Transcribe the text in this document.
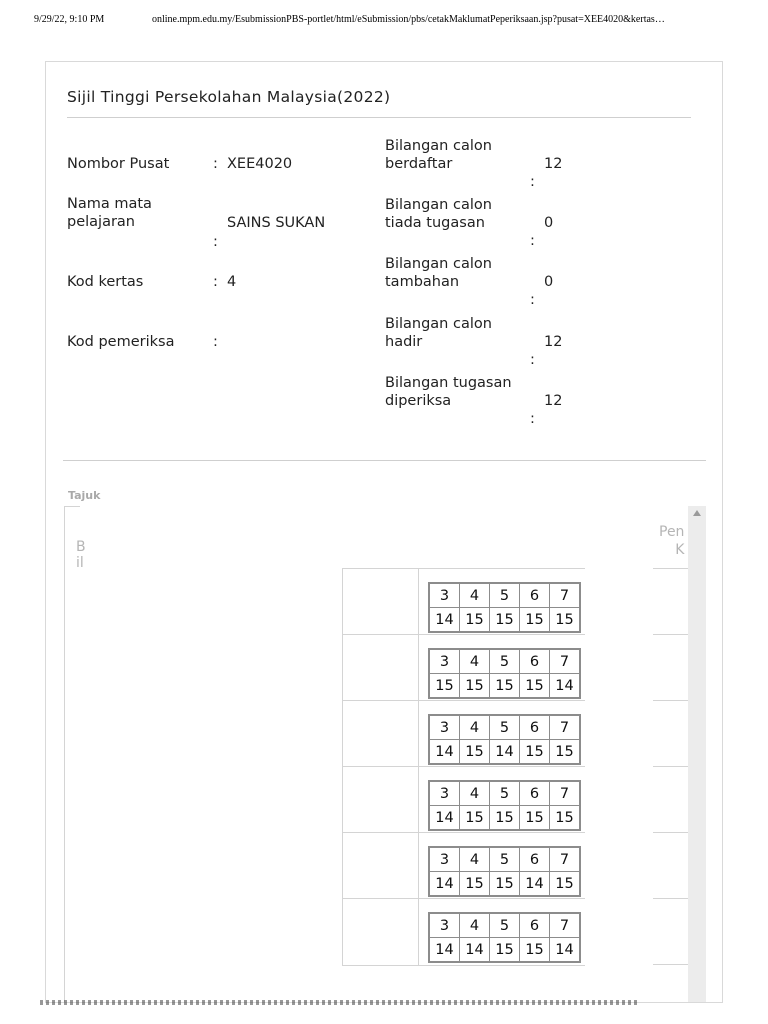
9/29/22, 9:10 PM	online.mpm.edu.my/EsubmissionPBS-portlet/html/eSubmission/pbs/cetakMaklumatPeperiksaan.jsp?pusat=XEE4020&kertas…
Sijil Tinggi Persekolahan Malaysia(2022)
Nombor Pusat	: XEE4020
Nama mata
pelajaran
:
SAINS SUKAN
Kod kertas	: 4
Kod pemeriksa	:
Bilangan calon
berdaftar	12
:
Bilangan calon
tiada tugasan	0
:
Bilangan calon
tambahan	0
:
Bilangan calon
hadir	12
:
Bilangan tugasan
diperiksa	12
:
Tajuk
B
il
Pen
K
3	4	5	6	7
14	15	15	15	15
3	4	5	6	7
15	15	15	15	14
3	4	5	6	7
14	15	14	15	15
3	4	5	6	7
14	15	15	15	15
3	4	5	6	7
14	15	15	14	15
3	4	5	6	7
14	14	15	15	14
